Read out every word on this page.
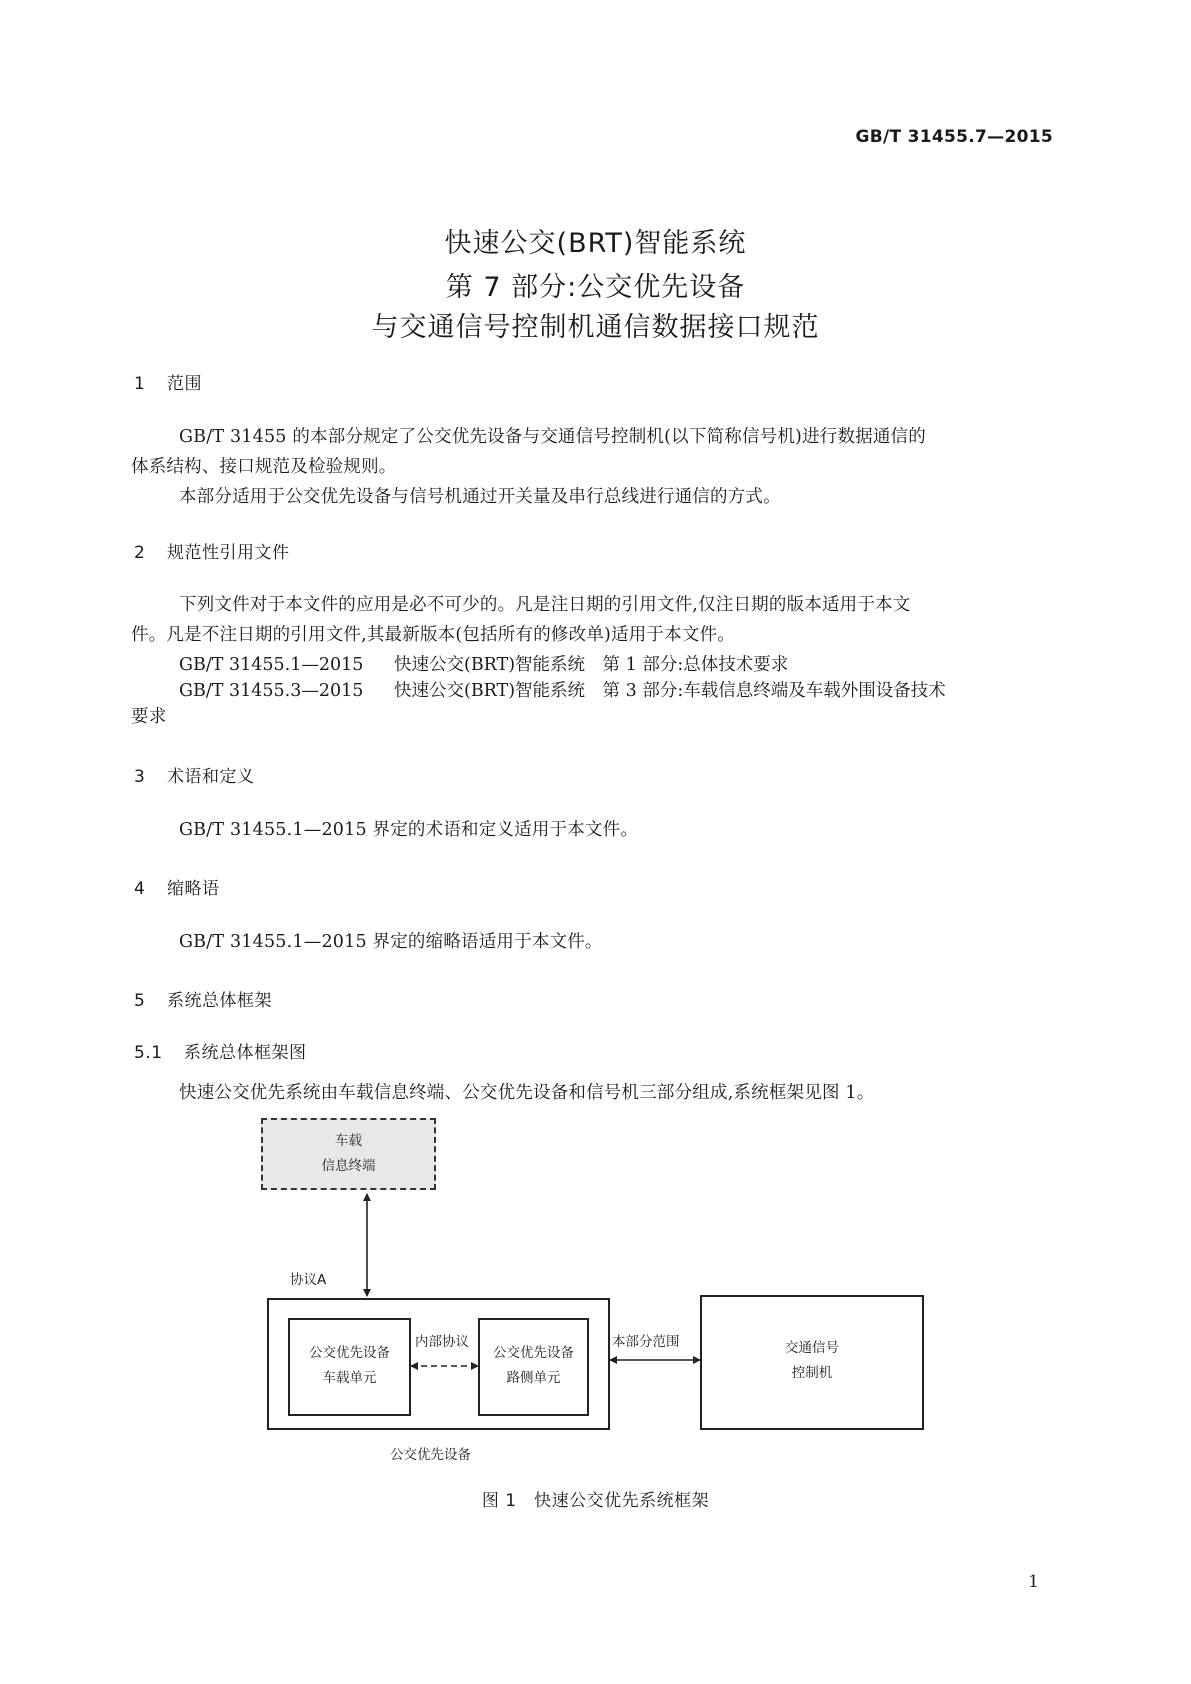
GB/T 31455.7—2015
快速公交(BRT)智能系统
第 7 部分:公交优先设备
与交通信号控制机通信数据接口规范
1 范围
GB/T 31455 的本部分规定了公交优先设备与交通信号控制机(以下简称信号机)进行数据通信的
体系结构、接口规范及检验规则。
本部分适用于公交优先设备与信号机通过开关量及串行总线进行通信的方式。
2 规范性引用文件
下列文件对于本文件的应用是必不可少的。凡是注日期的引用文件,仅注日期的版本适用于本文
件。凡是不注日期的引用文件,其最新版本(包括所有的修改单)适用于本文件。
GB/T 31455.1—2015 快速公交(BRT)智能系统　第 1 部分:总体技术要求
GB/T 31455.3—2015 快速公交(BRT)智能系统　第 3 部分:车载信息终端及车载外围设备技术
要求
3 术语和定义
GB/T 31455.1—2015 界定的术语和定义适用于本文件。
4 缩略语
GB/T 31455.1—2015 界定的缩略语适用于本文件。
5 系统总体框架
5.1 系统总体框架图
快速公交优先系统由车载信息终端、公交优先设备和信号机三部分组成,系统框架见图 1。
车载
信息终端
协议A
公交优先设备
车载单元
内部协议
公交优先设备
路侧单元
本部分范围	交通信号
控制机
公交优先设备
图 1　快速公交优先系统框架
1
